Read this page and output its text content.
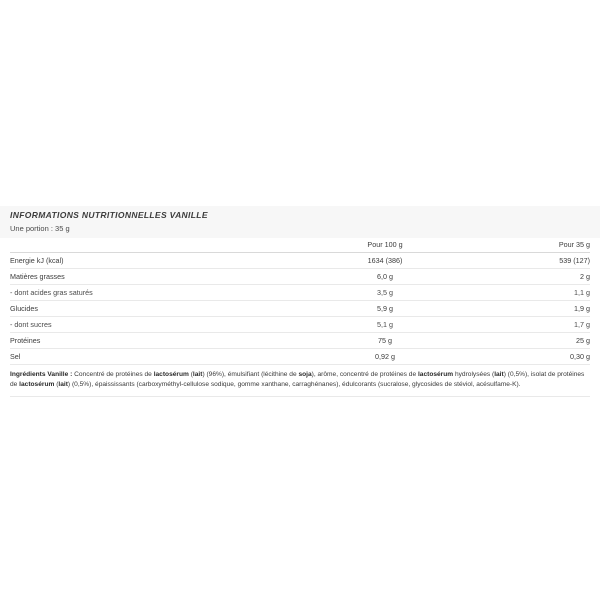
INFORMATIONS NUTRITIONNELLES VANILLE
Une portion : 35 g
	Pour 100 g	Pour 35 g
Energie kJ (kcal)	1634 (386)	539 (127)
Matières grasses	6,0 g	2 g
- dont acides gras saturés	3,5 g	1,1 g
Glucides	5,9 g	1,9 g
- dont sucres	5,1 g	1,7 g
Protéines	75 g	25 g
Sel	0,92 g	0,30 g
Ingrédients Vanille : Concentré de protéines de lactosérum (lait) (96%), émulsifiant (lécithine de soja), arôme, concentré de protéines de lactosérum hydrolysées (lait) (0,5%), isolat de protéines de lactosérum (lait) (0,5%), épaississants (carboxyméthyl-cellulose sodique, gomme xanthane, carraghénanes), édulcorants (sucralose, glycosides de stéviol, acésulfame-K).
